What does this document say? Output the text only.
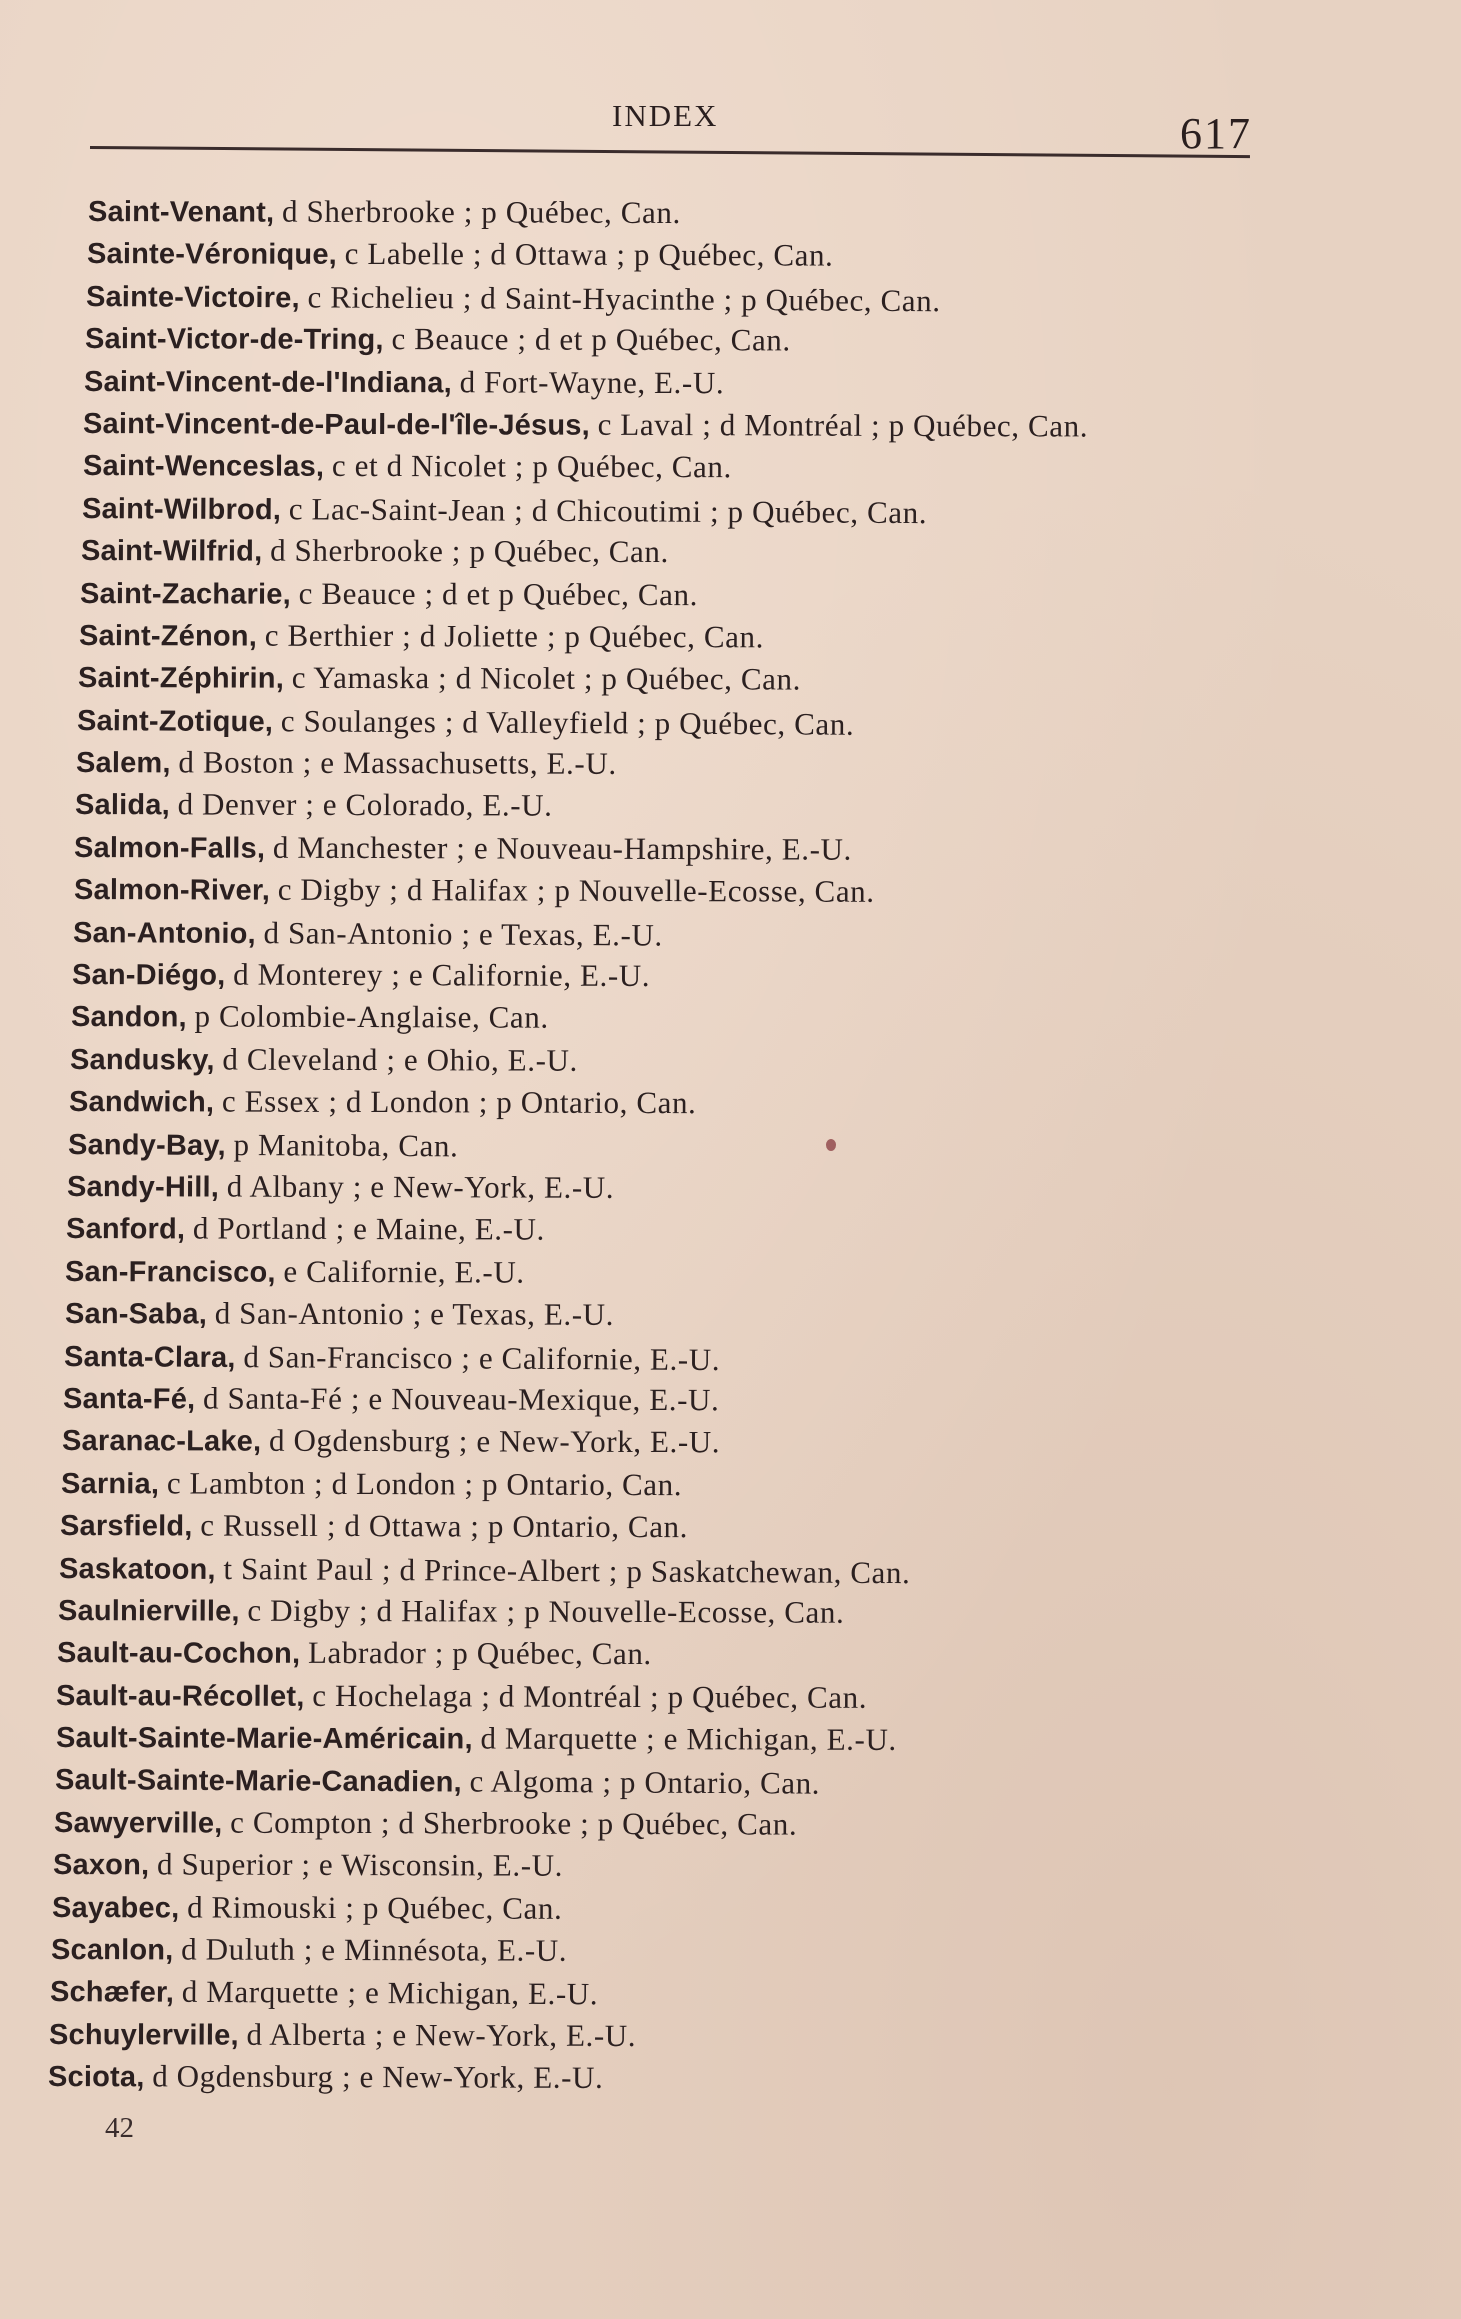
INDEX	617
Saint-Venant, d Sherbrooke ; p Québec, Can.
Sainte-Véronique, c Labelle ; d Ottawa ; p Québec, Can.
Sainte-Victoire, c Richelieu ; d Saint-Hyacinthe ; p Québec, Can.
Saint-Victor-de-Tring, c Beauce ; d et p Québec, Can.
Saint-Vincent-de-l'Indiana, d Fort-Wayne, E.-U.
Saint-Vincent-de-Paul-de-l'île-Jésus, c Laval ; d Montréal ; p Québec, Can.
Saint-Wenceslas, c et d Nicolet ; p Québec, Can.
Saint-Wilbrod, c Lac-Saint-Jean ; d Chicoutimi ; p Québec, Can.
Saint-Wilfrid, d Sherbrooke ; p Québec, Can.
Saint-Zacharie, c Beauce ; d et p Québec, Can.
Saint-Zénon, c Berthier ; d Joliette ; p Québec, Can.
Saint-Zéphirin, c Yamaska ; d Nicolet ; p Québec, Can.
Saint-Zotique, c Soulanges ; d Valleyfield ; p Québec, Can.
Salem, d Boston ; e Massachusetts, E.-U.
Salida, d Denver ; e Colorado, E.-U.
Salmon-Falls, d Manchester ; e Nouveau-Hampshire, E.-U.
Salmon-River, c Digby ; d Halifax ; p Nouvelle-Ecosse, Can.
San-Antonio, d San-Antonio ; e Texas, E.-U.
San-Diégo, d Monterey ; e Californie, E.-U.
Sandon, p Colombie-Anglaise, Can.
Sandusky, d Cleveland ; e Ohio, E.-U.
Sandwich, c Essex ; d London ; p Ontario, Can.
Sandy-Bay, p Manitoba, Can.
Sandy-Hill, d Albany ; e New-York, E.-U.
Sanford, d Portland ; e Maine, E.-U.
San-Francisco, e Californie, E.-U.
San-Saba, d San-Antonio ; e Texas, E.-U.
Santa-Clara, d San-Francisco ; e Californie, E.-U.
Santa-Fé, d Santa-Fé ; e Nouveau-Mexique, E.-U.
Saranac-Lake, d Ogdensburg ; e New-York, E.-U.
Sarnia, c Lambton ; d London ; p Ontario, Can.
Sarsfield, c Russell ; d Ottawa ; p Ontario, Can.
Saskatoon, t Saint Paul ; d Prince-Albert ; p Saskatchewan, Can.
Saulnierville, c Digby ; d Halifax ; p Nouvelle-Ecosse, Can.
Sault-au-Cochon, Labrador ; p Québec, Can.
Sault-au-Récollet, c Hochelaga ; d Montréal ; p Québec, Can.
Sault-Sainte-Marie-Américain, d Marquette ; e Michigan, E.-U.
Sault-Sainte-Marie-Canadien, c Algoma ; p Ontario, Can.
Sawyerville, c Compton ; d Sherbrooke ; p Québec, Can.
Saxon, d Superior ; e Wisconsin, E.-U.
Sayabec, d Rimouski ; p Québec, Can.
Scanlon, d Duluth ; e Minnésota, E.-U.
Schæfer, d Marquette ; e Michigan, E.-U.
Schuylerville, d Alberta ; e New-York, E.-U.
Sciota, d Ogdensburg ; e New-York, E.-U.
42
